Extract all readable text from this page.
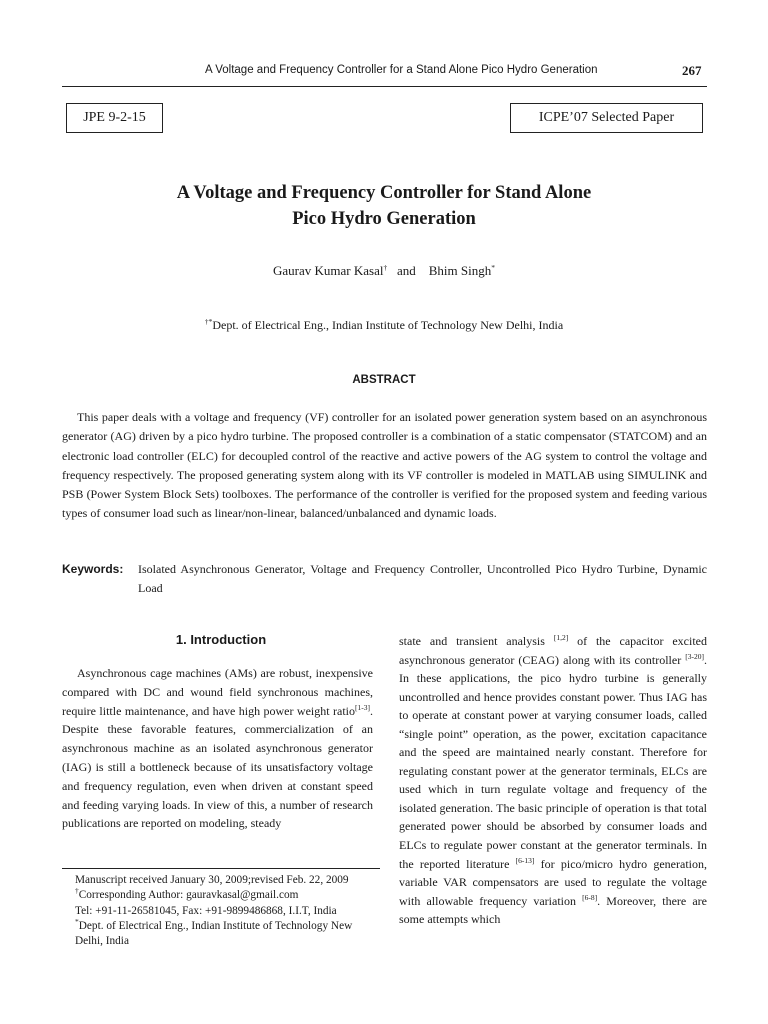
A Voltage and Frequency Controller for a Stand Alone Pico Hydro Generation	267
JPE 9-2-15	ICPE’07 Selected Paper
A Voltage and Frequency Controller for Stand Alone
Pico Hydro Generation
Gaurav Kumar Kasal† and Bhim Singh*
†*Dept. of Electrical Eng., Indian Institute of Technology New Delhi, India
ABSTRACT
This paper deals with a voltage and frequency (VF) controller for an isolated power generation system based on an asynchronous generator (AG) driven by a pico hydro turbine. The proposed controller is a combination of a static compensator (STATCOM) and an electronic load controller (ELC) for decoupled control of the reactive and active powers of the AG system to control the voltage and frequency respectively. The proposed generating system along with its VF controller is modeled in MATLAB using SIMULINK and PSB (Power System Block Sets) toolboxes. The performance of the controller is verified for the proposed system and feeding various types of consumer load such as linear/non-linear, balanced/unbalanced and dynamic loads.
Keywords: Isolated Asynchronous Generator, Voltage and Frequency Controller, Uncontrolled Pico Hydro Turbine, Dynamic Load
1. Introduction
Asynchronous cage machines (AMs) are robust, inexpensive compared with DC and wound field synchronous machines, require little maintenance, and have high power weight ratio[1-3]. Despite these favorable features, commercialization of an asynchronous machine as an isolated asynchronous generator (IAG) is still a bottleneck because of its unsatisfactory voltage and frequency regulation, even when driven at constant speed and feeding varying loads. In view of this, a number of research publications are reported on modeling, steady
Manuscript received January 30, 2009;revised Feb. 22, 2009
†Corresponding Author: gauravkasal@gmail.com
Tel: +91-11-26581045, Fax: +91-9899486868, I.I.T, India
*Dept. of Electrical Eng., Indian Institute of Technology New
Delhi, India
state and transient analysis [1,2] of the capacitor excited asynchronous generator (CEAG) along with its controller [3-20]. In these applications, the pico hydro turbine is generally uncontrolled and hence provides constant power. Thus IAG has to operate at constant power at varying consumer loads, called “single point” operation, as the power, excitation capacitance and the speed are maintained nearly constant. Therefore for regulating constant power at the generator terminals, ELCs are used which in turn regulate voltage and frequency of the isolated generation. The basic principle of operation is that total generated power should be absorbed by consumer loads and ELCs to regulate power constant at the generator terminals. In the reported literature [6-13] for pico/micro hydro generation, variable VAR compensators are used to regulate the voltage with allowable frequency variation [6-8]. Moreover, there are some attempts which
